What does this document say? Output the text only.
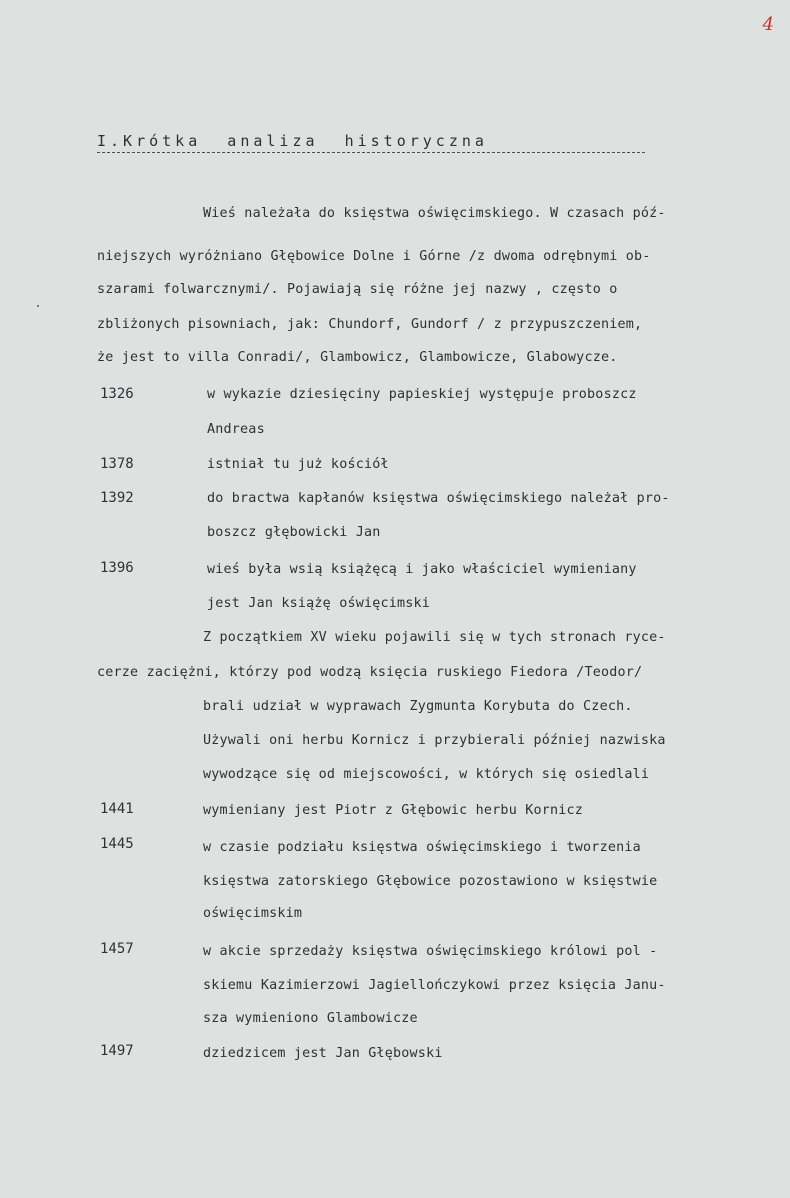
4
I.Krótka  analiza  historyczna
Wieś należała do księstwa oświęcimskiego. W czasach póź-
niejszych wyróżniano Głębowice Dolne i Górne /z dwoma odrębnymi ob-
szarami folwarcznymi/. Pojawiają się różne jej nazwy , często o
zbliżonych pisowniach, jak: Chundorf, Gundorf / z przypuszczeniem,
że jest to villa Conradi/, Glambowicz, Glambowicze, Glabowycze.
1326	w wykazie dziesięciny papieskiej występuje proboszcz
Andreas
1378	istniał tu już kościół
1392	do bractwa kapłanów księstwa oświęcimskiego należał pro-
boszcz głębowicki Jan
1396	wieś była wsią książęcą i jako właściciel wymieniany
jest Jan książę oświęcimski
Z początkiem XV wieku pojawili się w tych stronach ryce-
cerze zaciężni, którzy pod wodzą księcia ruskiego Fiedora /Teodor/
brali udział w wyprawach Zygmunta Korybuta do Czech.
Używali oni herbu Kornicz i przybierali później nazwiska
wywodzące się od miejscowości, w których się osiedlali
1441	wymieniany jest Piotr z Głębowic herbu Kornicz
1445	w czasie podziału księstwa oświęcimskiego i tworzenia
księstwa zatorskiego Głębowice pozostawiono w księstwie
oświęcimskim
1457	w akcie sprzedaży księstwa oświęcimskiego królowi pol -
skiemu Kazimierzowi Jagiellończykowi przez księcia Janu-
sza wymieniono Glambowicze
1497	dziedzicem jest Jan Głębowski
